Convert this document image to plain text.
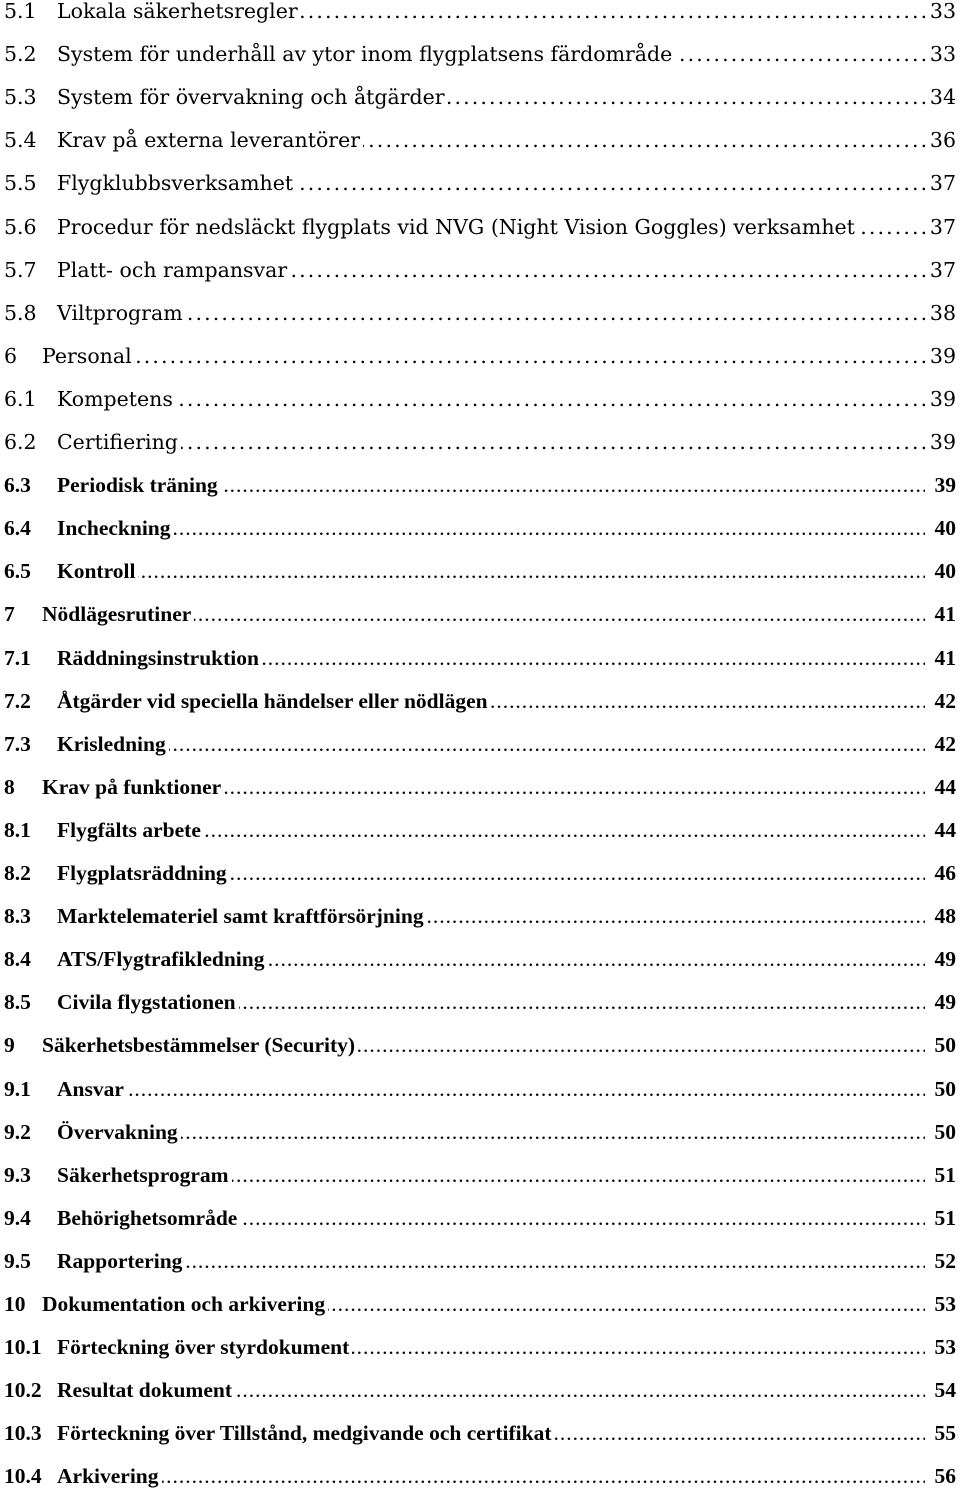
5.1 Lokala säkerhetsregler . . .	33
5.2 System för underhåll av ytor inom flygplatsens färdområde . . .	33
5.3 System för övervakning och åtgärder . . .	34
5.4 Krav på externa leverantörer . . .	36
5.5 Flygklubbsverksamhet . . .	37
5.6 Procedur för nedsläckt flygplats vid NVG (Night Vision Goggles) verksamhet . . .	37
5.7 Platt- och rampansvar . . .	37
5.8 Viltprogram . . .	38
6	Personal . . .	39
6.1 Kompetens . . .	39
6.2 Certifiering . . .	39
6.3	Periodisk träning . . .	39
6.4	Incheckning . . .	40
6.5	Kontroll . . .	40
7	Nödlägesrutiner . . .	41
7.1	Räddningsinstruktion . . .	41
7.2	Åtgärder vid speciella händelser eller nödlägen . . .	42
7.3	Krisledning . . .	42
8	Krav på funktioner . . .	44
8.1	Flygfälts arbete . . .	44
8.2	Flygplatsräddning . . .	46
8.3	Marktelemateriel samt kraftförsörjning . . .	48
8.4	ATS/Flygtrafikledning . . .	49
8.5	Civila flygstationen . . .	49
9	Säkerhetsbestämmelser (Security) . . .	50
9.1	Ansvar . . .	50
9.2	Övervakning . . .	50
9.3	Säkerhetsprogram . . .	51
9.4	Behörighetsområde . . .	51
9.5	Rapportering . . .	52
10 Dokumentation och arkivering . . .	53
10.1 Förteckning över styrdokument . . .	53
10.2 Resultat dokument . . .	54
10.3 Förteckning över Tillstånd, medgivande och certifikat . . .	55
10.4 Arkivering . . .	56
